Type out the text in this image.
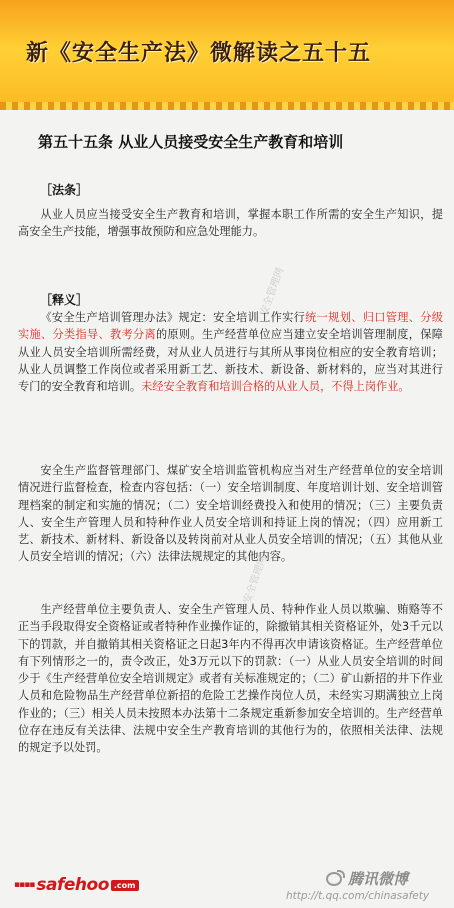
新《安全生产法》微解读之五十五
第五十五条 从业人员接受安全生产教育和培训
［法条］

从业人员应当接受安全生产教育和培训，掌握本职工作所需的安全生产知识，提高安全生产技能，增强事故预防和应急处理能力。

［释义］

《安全生产培训管理办法》规定：安全培训工作实行统一规划、归口管理、分级实施、分类指导、教考分离的原则。生产经营单位应当建立安全培训管理制度，保障从业人员安全培训所需经费，对从业人员进行与其所从事岗位相应的安全教育培训；从业人员调整工作岗位或者采用新工艺、新技术、新设备、新材料的，应当对其进行专门的安全教育和培训。未经安全教育和培训合格的从业人员，不得上岗作业。

安全生产监督管理部门、煤矿安全培训监管机构应当对生产经营单位的安全培训情况进行监督检查，检查内容包括：（一）安全培训制度、年度培训计划、安全培训管理档案的制定和实施的情况；（二）安全培训经费投入和使用的情况；（三）主要负责人、安全生产管理人员和特种作业人员安全培训和持证上岗的情况；（四）应用新工艺、新技术、新材料、新设备以及转岗前对从业人员安全培训的情况；（五）其他从业人员安全培训的情况；（六）法律法规规定的其他内容。

生产经营单位主要负责人、安全生产管理人员、特种作业人员以欺骗、贿赂等不正当手段取得安全资格证或者特种作业操作证的，除撤销其相关资格证外，处3千元以下的罚款，并自撤销其相关资格证之日起3年内不得再次申请该资格证。生产经营单位有下列情形之一的，责令改正，处3万元以下的罚款：（一）从业人员安全培训的时间少于《生产经营单位安全培训规定》或者有关标准规定的；（二）矿山新招的井下作业人员和危险物品生产经营单位新招的危险工艺操作岗位人员，未经实习期满独立上岗作业的；（三）相关人员未按照本办法第十二条规定重新参加安全培训的。生产经营单位存在违反有关法律、法规中安全生产教育培训的其他行为的，依照相关法律、法规的规定予以处罚。

安全管理网
安全管理网
▪▪▪▪ safehoo .com	腾讯微博
http://t.qq.com/chinasafety
